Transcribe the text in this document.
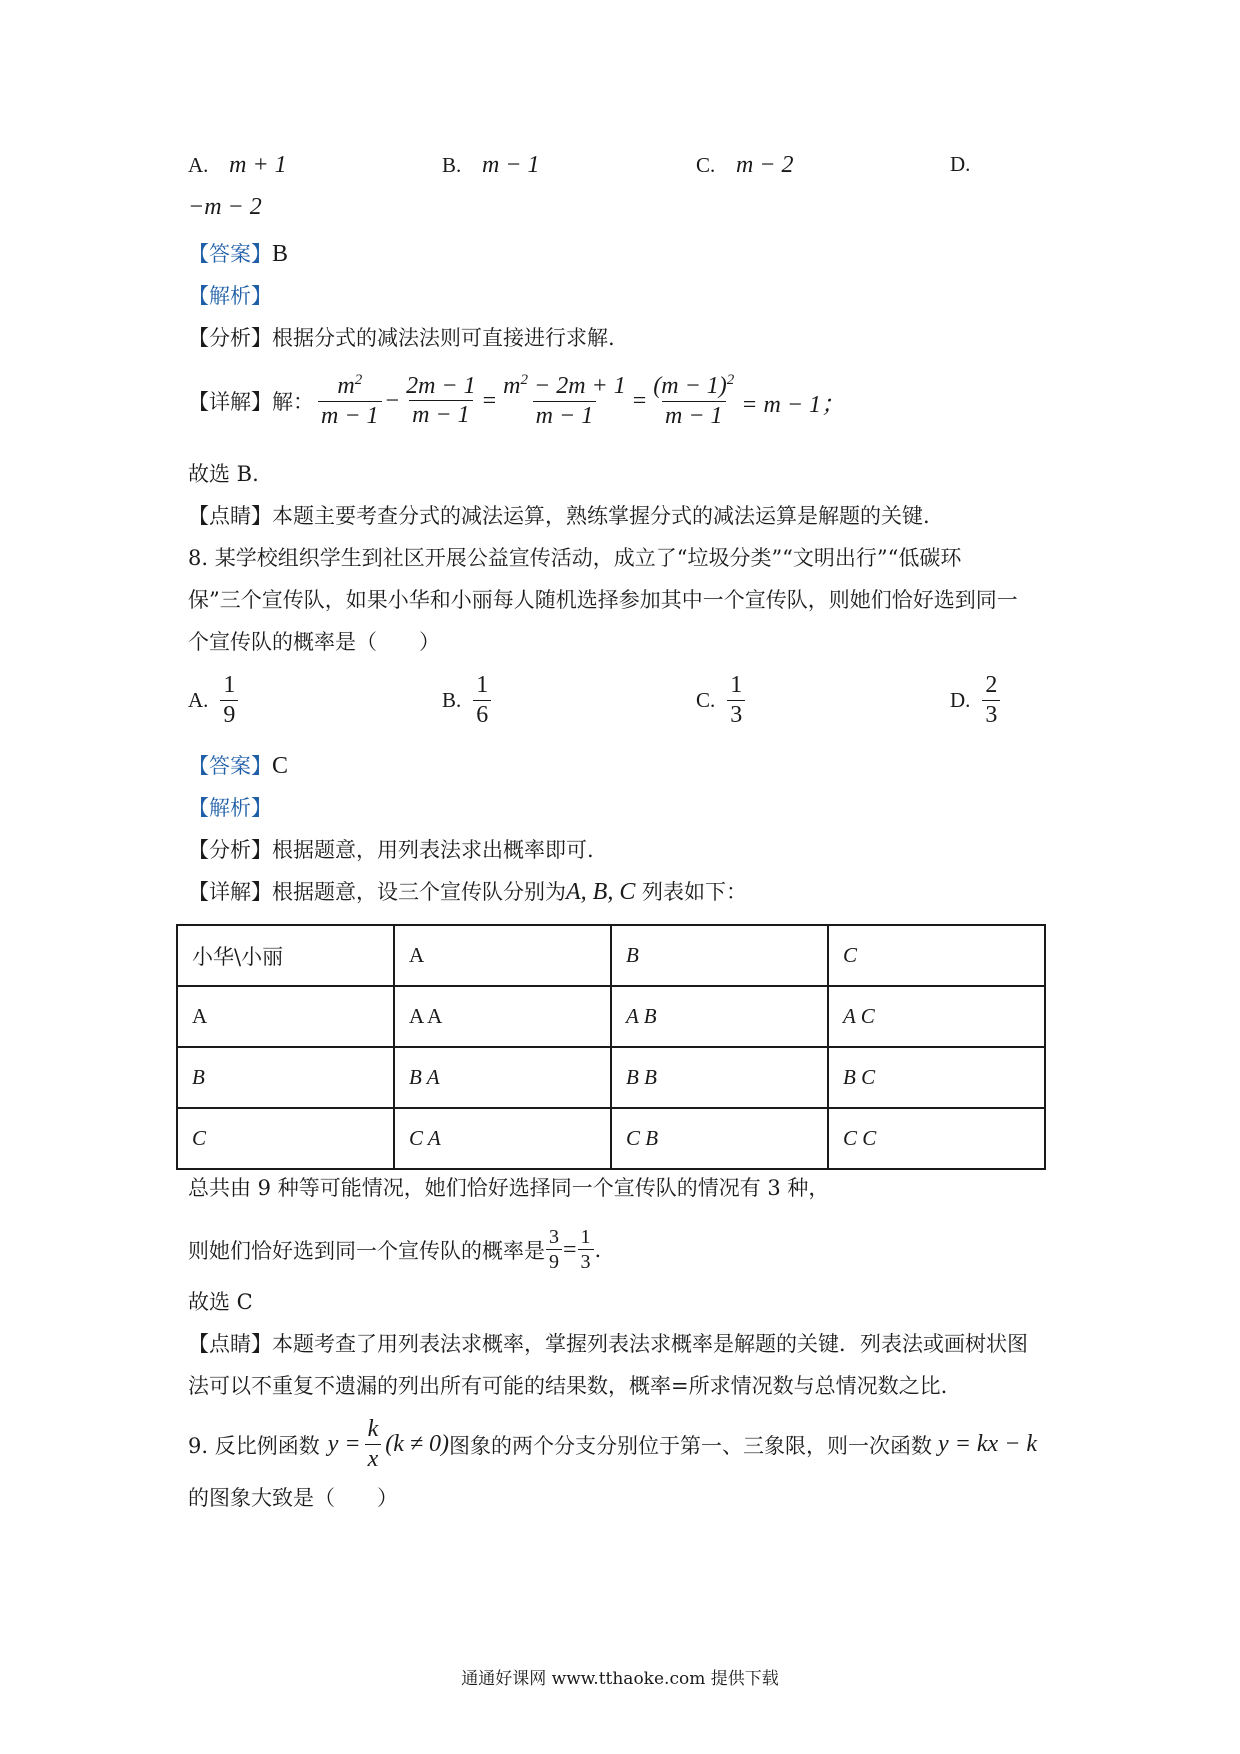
A. m + 1	B. m − 1	C. m − 2	D.
−m − 2
【答案】B
【解析】
【分析】根据分式的减法法则可直接进行求解.
【详解】 解： $\frac{m^2}{m - 1} - \frac{2m - 1}{m - 1} = \frac{m^2 - 2m + 1}{m - 1} = \frac{(m - 1)^2}{m - 1} = m - 1$；
故选 B.
【点睛】本题主要考查分式的减法运算，熟练掌握分式的减法运算是解题的关键.
8. 某学校组织学生到社区开展公益宣传活动，成立了“垃圾分类”“文明出行”“低碳环
保”三个宣传队，如果小华和小丽每人随机选择参加其中一个宣传队，则她们恰好选到同一
个宣传队的概率是（　　）
A. $\frac{1}{9}$	B. $\frac{1}{6}$	C. $\frac{1}{3}$	D. $\frac{2}{3}$
【答案】C
【解析】
【分析】根据题意，用列表法求出概率即可.
【详解】根据题意，设三个宣传队分别为A, B, C 列表如下：
小华\小丽	A	B	C
A	A A	A B	A C
B	B A	B B	B C
C	C A	C B	C C
总共由 9 种等可能情况，她们恰好选择同一个宣传队的情况有 3 种，
则她们恰好选到同一个宣传队的概率是 $\frac{3}{9} = \frac{1}{3}$ .
故选 C
【点睛】本题考查了用列表法求概率，掌握列表法求概率是解题的关键．列表法或画树状图
法可以不重复不遗漏的列出所有可能的结果数，概率=所求情况数与总情况数之比.
9. 反比例函数 $y = \frac{k}{x} (k \ne 0)$ 图象的两个分支分别位于第一、三象限，则一次函数 y = kx − k
的图象大致是（　　）
通通好课网 www.tthaoke.com 提供下载
